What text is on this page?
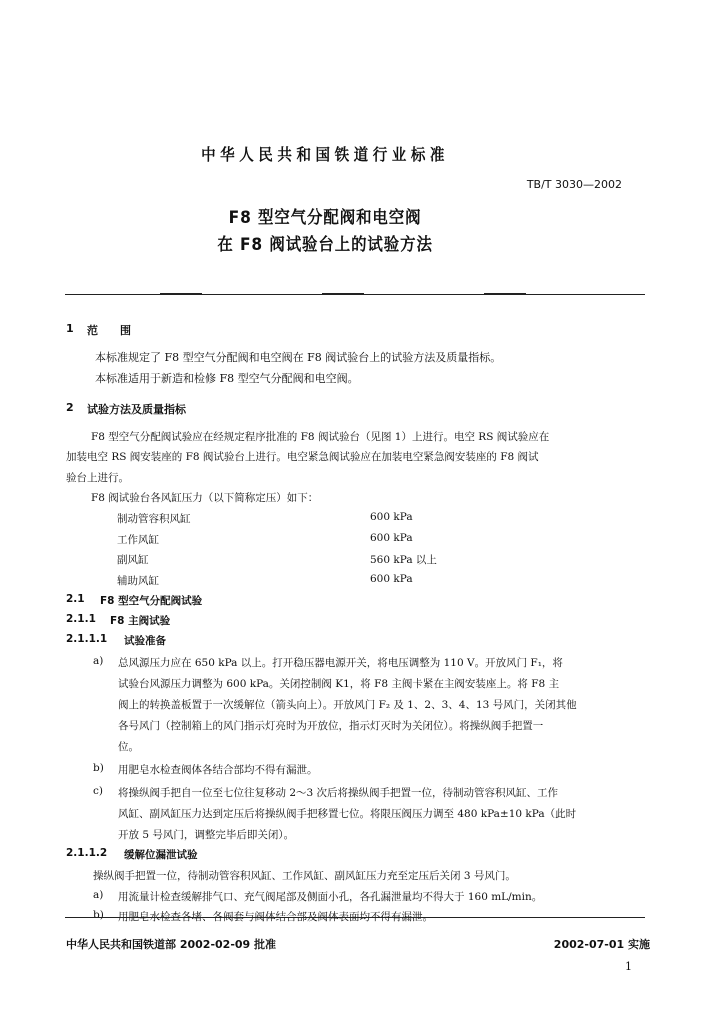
中华人民共和国铁道行业标准
TB/T 3030—2002
F8 型空气分配阀和电空阀
在 F8 阀试验台上的试验方法
1 范　　围
本标准规定了 F8 型空气分配阀和电空阀在 F8 阀试验台上的试验方法及质量指标。
本标准适用于新造和检修 F8 型空气分配阀和电空阀。
2 试验方法及质量指标
F8 型空气分配阀试验应在经规定程序批准的 F8 阀试验台（见图 1）上进行。电空 RS 阀试验应在
加装电空 RS 阀安装座的 F8 阀试验台上进行。电空紧急阀试验应在加装电空紧急阀安装座的 F8 阀试
验台上进行。
F8 阀试验台各风缸压力（以下简称定压）如下：
制动管容积风缸	600 kPa
工作风缸	600 kPa
副风缸	560 kPa 以上
辅助风缸	600 kPa
2.1 F8 型空气分配阀试验
2.1.1 F8 主阀试验
2.1.1.1 试验准备
a) 总风源压力应在 650 kPa 以上。打开稳压器电源开关，将电压调整为 110 V。开放风门 F₁，将
试验台风源压力调整为 600 kPa。关闭控制阀 K1，将 F8 主阀卡紧在主阀安装座上。将 F8 主
阀上的转换盖板置于一次缓解位（箭头向上）。开放风门 F₂ 及 1、2、3、4、13 号风门，关闭其他
各号风门（控制箱上的风门指示灯亮时为开放位，指示灯灭时为关闭位）。将操纵阀手把置一
位。
b) 用肥皂水检查阀体各结合部均不得有漏泄。
c) 将操纵阀手把自一位至七位往复移动 2～3 次后将操纵阀手把置一位，待制动管容积风缸、工作
风缸、副风缸压力达到定压后将操纵阀手把移置七位。将限压阀压力调至 480 kPa±10 kPa（此时
开放 5 号风门，调整完毕后即关闭）。
2.1.1.2 缓解位漏泄试验
操纵阀手把置一位，待制动管容积风缸、工作风缸、副风缸压力充至定压后关闭 3 号风门。
a) 用流量计检查缓解排气口、充气阀尾部及侧面小孔，各孔漏泄量均不得大于 160 mL/min。
b) 用肥皂水检查各堵、各阀套与阀体结合部及阀体表面均不得有漏泄。
中华人民共和国铁道部 2002-02-09 批准	2002-07-01 实施
1
